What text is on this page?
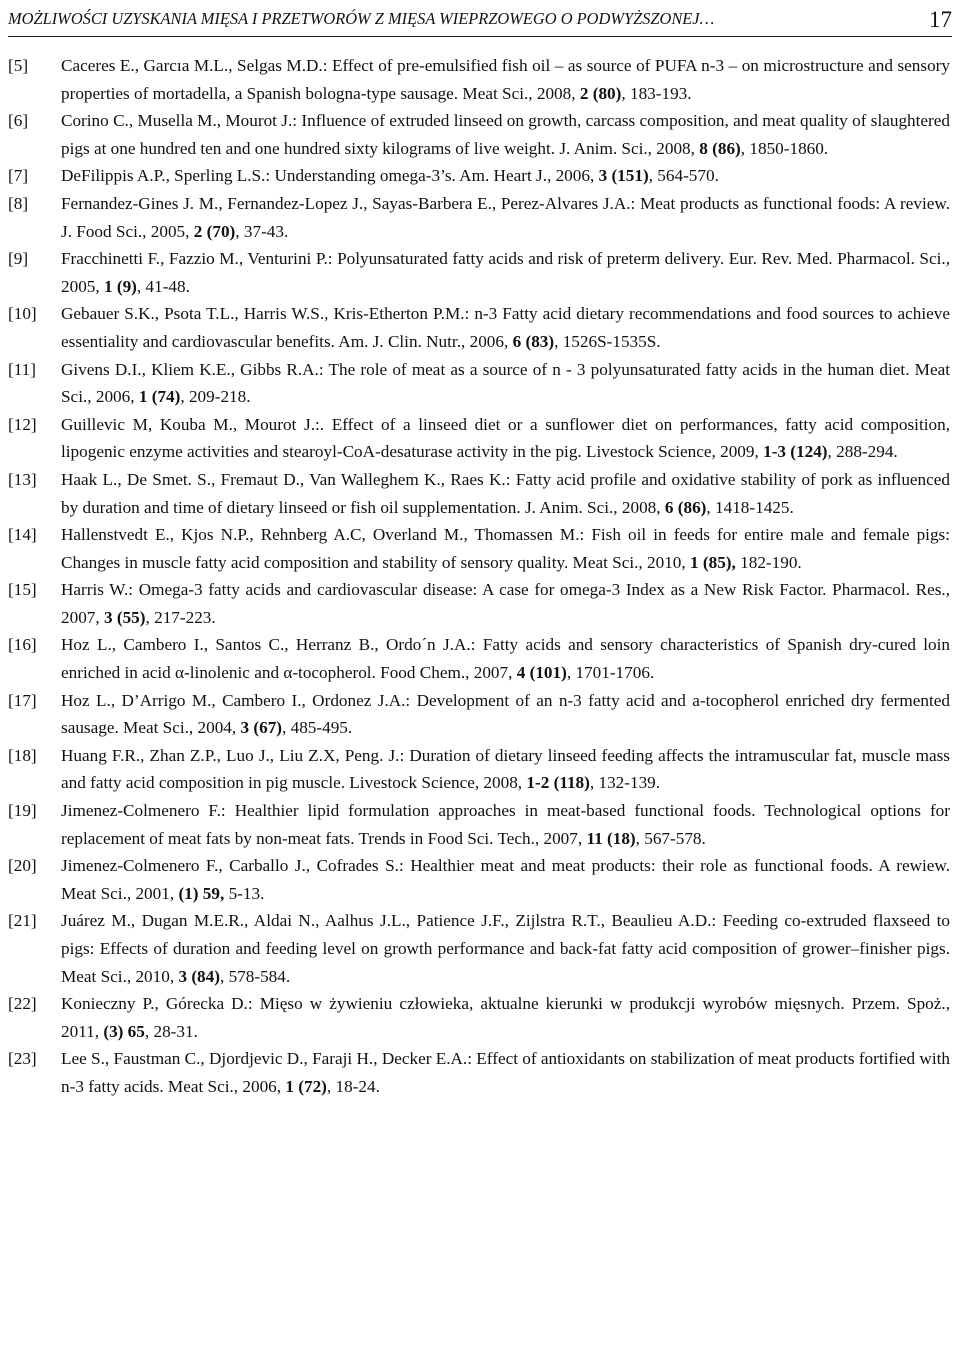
MOŻLIWOŚCI UZYSKANIA MIĘSA I PRZETWORÓW Z MIĘSA WIEPRZOWEGO O PODWYŻSZONEJ…	17
[5]	Caceres E., Garcıa M.L., Selgas M.D.: Effect of pre-emulsified fish oil – as source of PUFA n-3 – on microstructure and sensory properties of mortadella, a Spanish bologna-type sausage. Meat Sci., 2008, 2 (80), 183-193.
[6]	Corino C., Musella M., Mourot J.: Influence of extruded linseed on growth, carcass composition, and meat quality of slaughtered pigs at one hundred ten and one hundred sixty kilograms of live weight. J. Anim. Sci., 2008, 8 (86), 1850-1860.
[7]	DeFilippis A.P., Sperling L.S.: Understanding omega-3’s. Am. Heart J., 2006, 3 (151), 564-570.
[8]	Fernandez-Gines J. M., Fernandez-Lopez J., Sayas-Barbera E., Perez-Alvares J.A.: Meat products as functional foods: A review. J. Food Sci., 2005, 2 (70), 37-43.
[9]	Fracchinetti F., Fazzio M., Venturini P.: Polyunsaturated fatty acids and risk of preterm delivery. Eur. Rev. Med. Pharmacol. Sci., 2005, 1 (9), 41-48.
[10]	Gebauer S.K., Psota T.L., Harris W.S., Kris-Etherton P.M.: n-3 Fatty acid dietary recommendations and food sources to achieve essentiality and cardiovascular benefits. Am. J. Clin. Nutr., 2006, 6 (83), 1526S-1535S.
[11]	Givens D.I., Kliem K.E., Gibbs R.A.: The role of meat as a source of n - 3 polyunsaturated fatty acids in the human diet. Meat Sci., 2006, 1 (74), 209-218.
[12]	Guillevic M, Kouba M., Mourot J.:. Effect of a linseed diet or a sunflower diet on performances, fatty acid composition, lipogenic enzyme activities and stearoyl-CoA-desaturase activity in the pig. Livestock Science, 2009, 1-3 (124), 288-294.
[13]	Haak L., De Smet. S., Fremaut D., Van Walleghem K., Raes K.: Fatty acid profile and oxidative stability of pork as influenced by duration and time of dietary linseed or fish oil supplementation. J. Anim. Sci., 2008, 6 (86), 1418-1425.
[14]	Hallenstvedt E., Kjos N.P., Rehnberg A.C, Overland M., Thomassen M.: Fish oil in feeds for entire male and female pigs: Changes in muscle fatty acid composition and stability of sensory quality. Meat Sci., 2010, 1 (85), 182-190.
[15]	Harris W.: Omega-3 fatty acids and cardiovascular disease: A case for omega-3 Index as a New Risk Factor. Pharmacol. Res., 2007, 3 (55), 217-223.
[16]	Hoz L., Cambero I., Santos C., Herranz B., Ordo´n J.A.: Fatty acids and sensory characteristics of Spanish dry-cured loin enriched in acid α-linolenic and α-tocopherol. Food Chem., 2007, 4 (101), 1701-1706.
[17]	Hoz L., D’Arrigo M., Cambero I., Ordonez J.A.: Development of an n-3 fatty acid and a-tocopherol enriched dry fermented sausage. Meat Sci., 2004, 3 (67), 485-495.
[18]	Huang F.R., Zhan Z.P., Luo J., Liu Z.X, Peng. J.: Duration of dietary linseed feeding affects the intramuscular fat, muscle mass and fatty acid composition in pig muscle. Livestock Science, 2008, 1-2 (118), 132-139.
[19]	Jimenez-Colmenero F.: Healthier lipid formulation approaches in meat-based functional foods. Technological options for replacement of meat fats by non-meat fats. Trends in Food Sci. Tech., 2007, 11 (18), 567-578.
[20]	Jimenez-Colmenero F., Carballo J., Cofrades S.: Healthier meat and meat products: their role as functional foods. A rewiew. Meat Sci., 2001, (1) 59, 5-13.
[21]	Juárez M., Dugan M.E.R., Aldai N., Aalhus J.L., Patience J.F., Zijlstra R.T., Beaulieu A.D.: Feeding co-extruded flaxseed to pigs: Effects of duration and feeding level on growth performance and back-fat fatty acid composition of grower–finisher pigs. Meat Sci., 2010, 3 (84), 578-584.
[22]	Konieczny P., Górecka D.: Mięso w żywieniu człowieka, aktualne kierunki w produkcji wyrobów mięsnych. Przem. Spoż., 2011, (3) 65, 28-31.
[23]	Lee S., Faustman C., Djordjevic D., Faraji H., Decker E.A.: Effect of antioxidants on stabilization of meat products fortified with n-3 fatty acids. Meat Sci., 2006, 1 (72), 18-24.
